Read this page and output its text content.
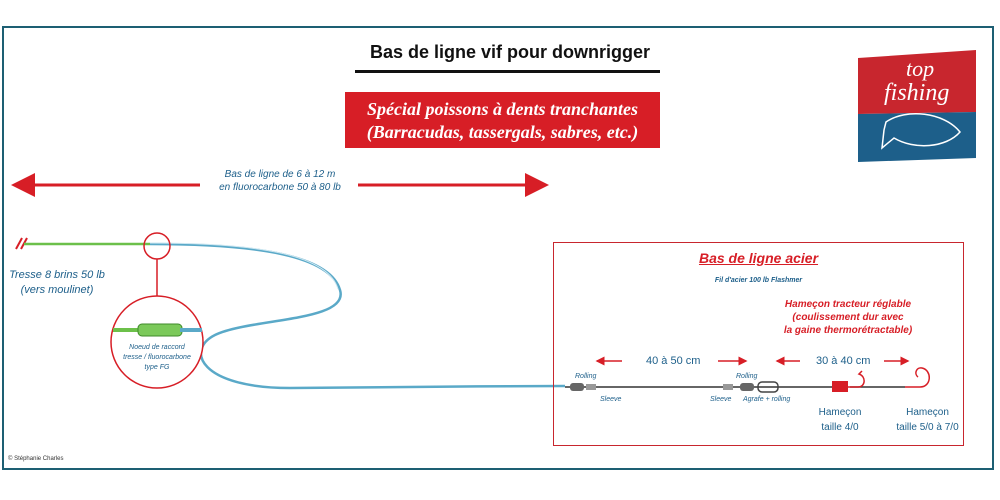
Bas de ligne vif pour downrigger
Spécial poissons à dents tranchantes
(Barracudas, tassergals, sabres, etc.)
Bas de ligne de 6 à 12 m
en fluorocarbone 50 à 80 lb
Tresse 8 brins 50 lb
(vers moulinet)
Noeud de raccord
tresse / fluorocarbone
type FG
Bas de ligne acier
Fil d'acier 100 lb Flashmer
Hameçon tracteur réglable
(coulissement dur avec
la gaine thermorétractable)
40 à 50 cm	30 à 40 cm
Rolling	Rolling
Sleeve	Sleeve Agrafe + rolling
Hameçon
taille 4/0
Hameçon
taille 5/0 à 7/0
top
fishing
© Stéphanie Charles
